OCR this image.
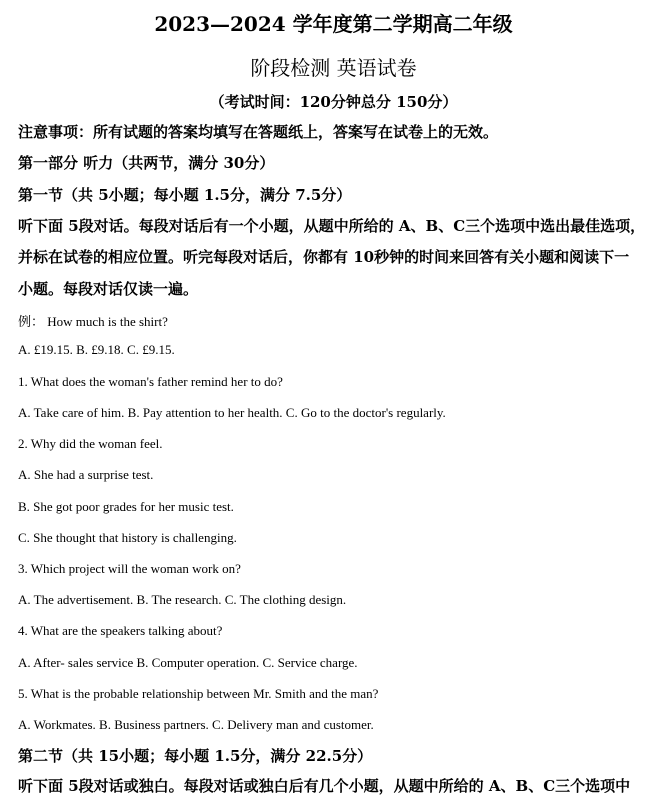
2023—2024 学年度第二学期高二年级
阶段检测 英语试卷
（考试时间：120分钟总分 150分）
注意事项：所有试题的答案均填写在答题纸上，答案写在试卷上的无效。
第一部分 听力（共两节，满分 30分）
第一节（共 5小题；每小题 1.5分，满分 7.5分）
听下面 5段对话。每段对话后有一个小题，从题中所给的 A、B、C三个选项中选出最佳选项，
并标在试卷的相应位置。听完每段对话后，你都有 10秒钟的时间来回答有关小题和阅读下一
小题。每段对话仅读一遍。
例： How much is the shirt?
A. £19.15. B. £9.18. C. £9.15.
1. What does the woman's father remind her to do?
A. Take care of him. B. Pay attention to her health. C. Go to the doctor's regularly.
2. Why did the woman feel.
A. She had a surprise test.
B. She got poor grades for her music test.
C. She thought that history is challenging.
3. Which project will the woman work on?
A. The advertisement. B. The research. C. The clothing design.
4. What are the speakers talking about?
A. After- sales service B. Computer operation. C. Service charge.
5. What is the probable relationship between Mr. Smith and the man?
A. Workmates. B. Business partners. C. Delivery man and customer.
第二节（共 15小题；每小题 1.5分，满分 22.5分）
听下面 5段对话或独白。每段对话或独白后有几个小题，从题中所给的 A、B、C三个选项中
